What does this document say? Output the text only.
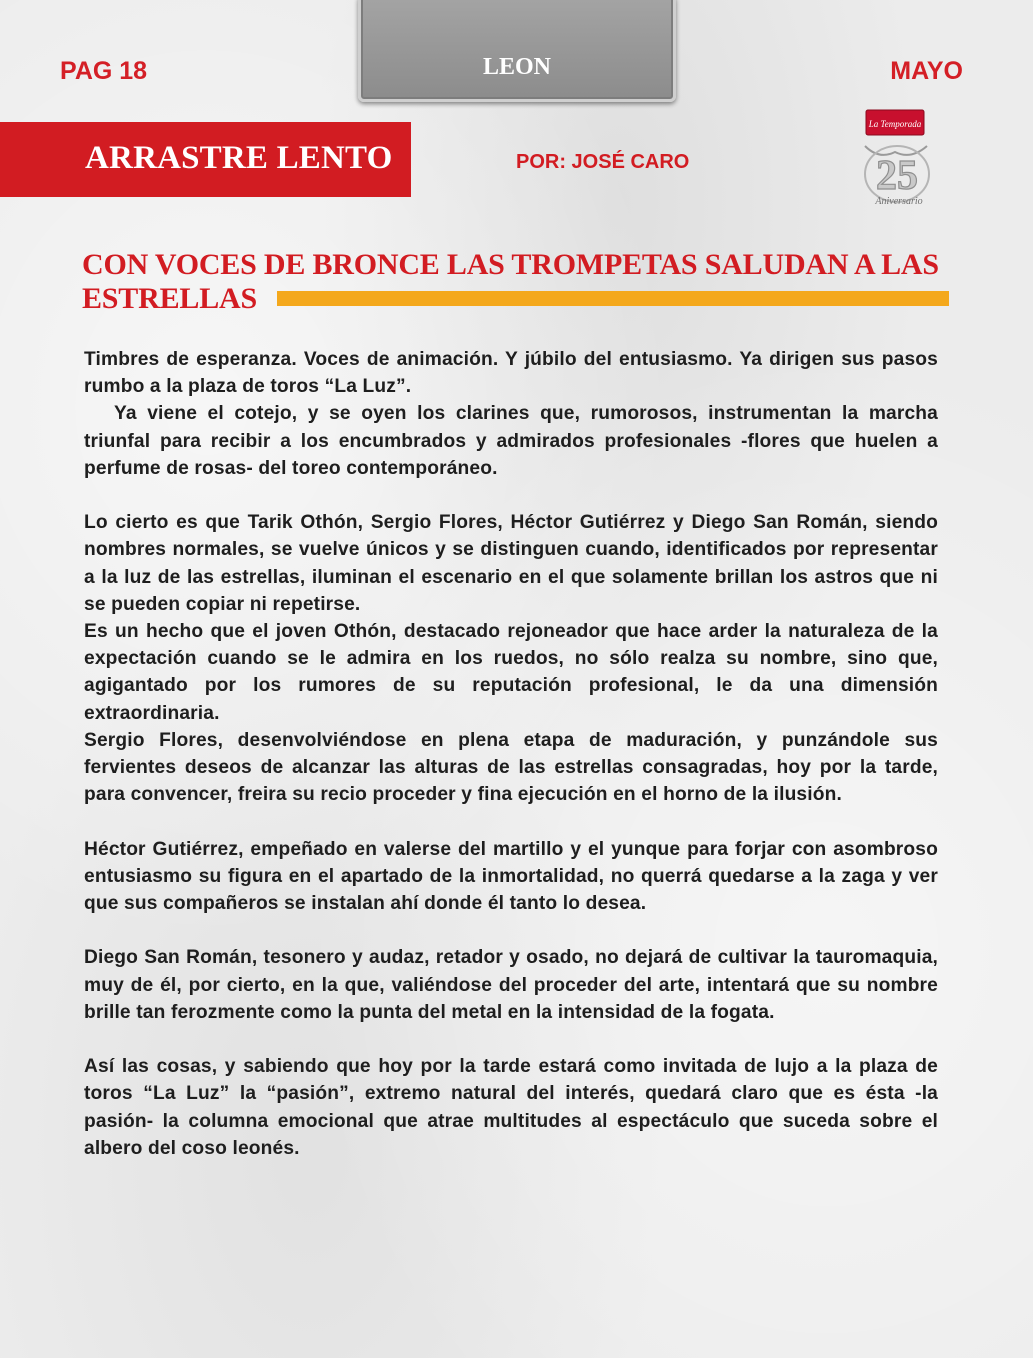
PAG 18	LEON	MAYO
ARRASTRE LENTO	POR: JOSÉ CARO
La Temporada
25
Aniversario
CON VOCES DE BRONCE LAS TROMPETAS SALUDAN A LAS ESTRELLAS

Timbres de esperanza. Voces de animación. Y júbilo del entusiasmo. Ya dirigen sus pasos rumbo a la plaza de toros “La Luz”.

Ya viene el cotejo, y se oyen los clarines que, rumorosos, instrumentan la marcha triunfal para recibir a los encumbrados y admirados profesionales -flores que huelen a perfume de rosas- del toreo contemporáneo.

Lo cierto es que Tarik Othón, Sergio Flores, Héctor Gutiérrez y Diego San Román, siendo nombres normales, se vuelve únicos y se distinguen cuando, identificados por representar a la luz de las estrellas, iluminan el escenario en el que solamente brillan los astros que ni se pueden copiar ni repetirse.

Es un hecho que el joven Othón, destacado rejoneador que hace arder la naturaleza de la expectación cuando se le admira en los ruedos, no sólo realza su nombre, sino que, agigantado por los rumores de su reputación profesional, le da una dimensión extraordinaria.

Sergio Flores, desenvolviéndose en plena etapa de maduración, y punzándole sus fervientes deseos de alcanzar las alturas de las estrellas consagradas, hoy por la tarde, para convencer, freira su recio proceder y fina ejecución en el horno de la ilusión.

Héctor Gutiérrez, empeñado en valerse del martillo y el yunque para forjar con asombroso entusiasmo su figura en el apartado de la inmortalidad, no querrá quedarse a la zaga y ver que sus compañeros se instalan ahí donde él tanto lo desea.

Diego San Román, tesonero y audaz, retador y osado, no dejará de cultivar la tauromaquia, muy de él, por cierto, en la que, valiéndose del proceder del arte, intentará que su nombre brille tan ferozmente como la punta del metal en la intensidad de la fogata.

Así las cosas, y sabiendo que hoy por la tarde estará como invitada de lujo a la plaza de toros “La Luz” la “pasión”, extremo natural del interés, quedará claro que es ésta -la pasión- la columna emocional que atrae multitudes al espectáculo que suceda sobre el albero del coso leonés.
